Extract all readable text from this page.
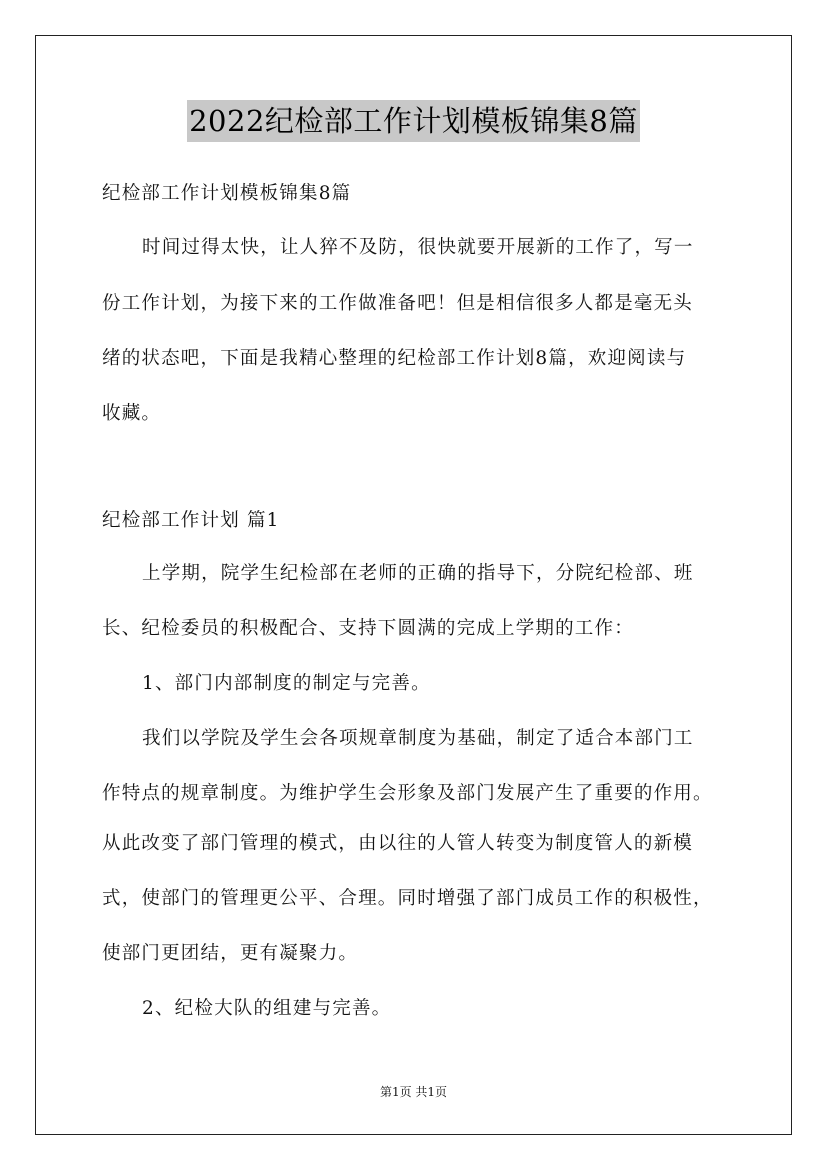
2022纪检部工作计划模板锦集8篇
纪检部工作计划模板锦集8篇
时间过得太快，让人猝不及防，很快就要开展新的工作了，写一
份工作计划，为接下来的工作做准备吧！但是相信很多人都是毫无头
绪的状态吧，下面是我精心整理的纪检部工作计划8篇，欢迎阅读与
收藏。
纪检部工作计划 篇1
上学期，院学生纪检部在老师的正确的指导下，分院纪检部、班
长、纪检委员的积极配合、支持下圆满的完成上学期的工作：
1、部门内部制度的制定与完善。
我们以学院及学生会各项规章制度为基础，制定了适合本部门工
作特点的规章制度。为维护学生会形象及部门发展产生了重要的作用。
从此改变了部门管理的模式，由以往的人管人转变为制度管人的新模
式，使部门的管理更公平、合理。同时增强了部门成员工作的积极性，
使部门更团结，更有凝聚力。
2、纪检大队的组建与完善。
第1页 共1页
